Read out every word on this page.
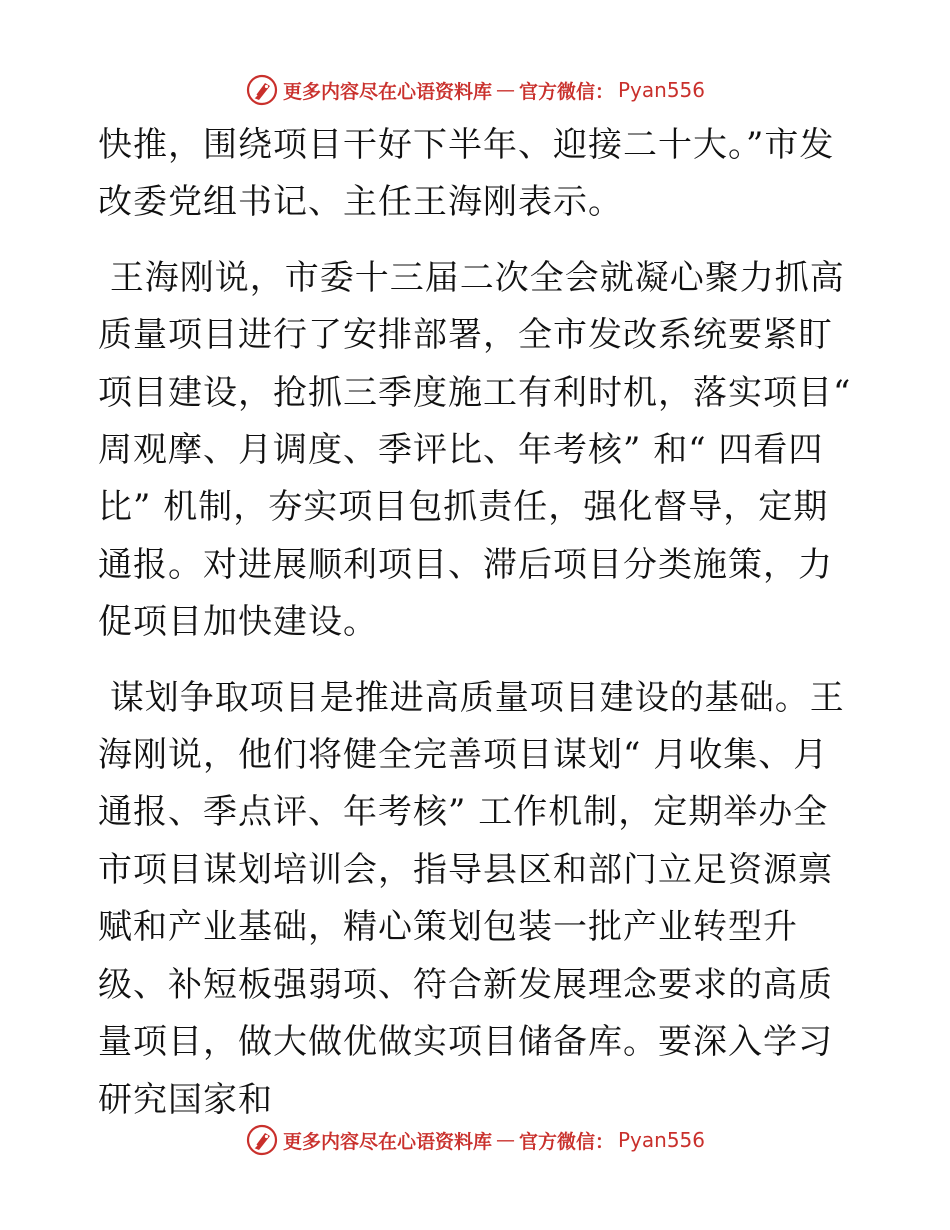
更多内容尽在心语资料库 — 官方微信： Pyan556

快推，围绕项目干好下半年、迎接二十大。”市发改委党组书记、主任王海刚表示。

王海刚说，市委十三届二次全会就凝心聚力抓高质量项目进行了安排部署，全市发改系统要紧盯项目建设，抢抓三季度施工有利时机，落实项目“ 周观摩、月调度、季评比、年考核” 和“ 四看四比” 机制，夯实项目包抓责任，强化督导，定期通报。对进展顺利项目、滞后项目分类施策，力促项目加快建设。

谋划争取项目是推进高质量项目建设的基础。王海刚说，他们将健全完善项目谋划“ 月收集、月通报、季点评、年考核” 工作机制，定期举办全市项目谋划培训会，指导县区和部门立足资源禀赋和产业基础，精心策划包装一批产业转型升级、补短板强弱项、符合新发展理念要求的高质量项目，做大做优做实项目储备库。要深入学习研究国家和

更多内容尽在心语资料库 — 官方微信： Pyan556
